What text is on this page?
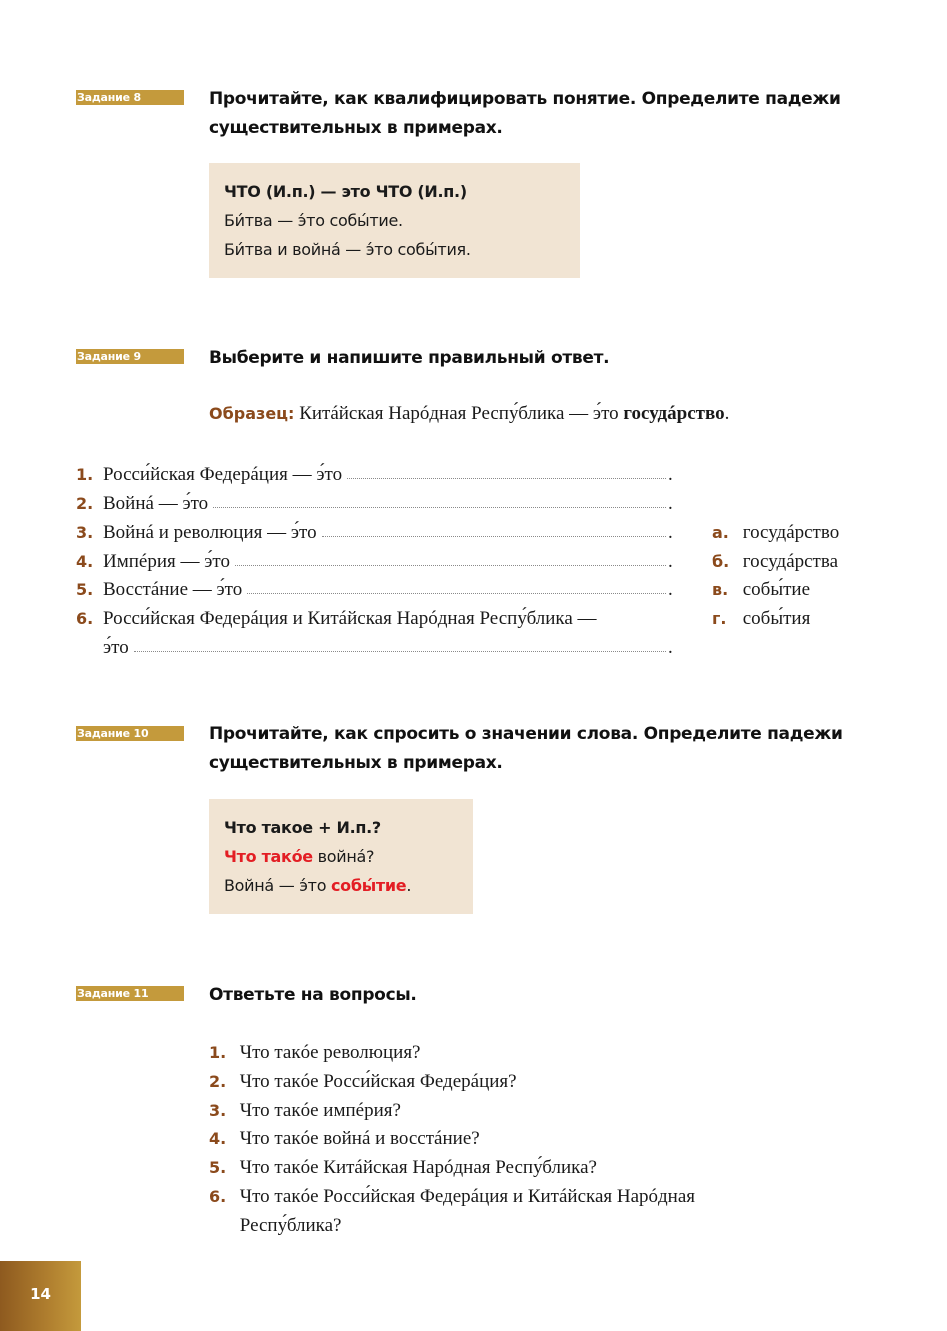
Задание 8	Прочитайте, как квалифицировать понятие. Определите падежи
существительных в примерах.
ЧТО (И.п.) — это ЧТО (И.п.)
Би́тва — э́то собы́тие.
Би́тва и войнá — э́то собы́тия.
Задание 9	Выберите и напишите правильный ответ.
Образец: Китáйская Нарóдная Респу́блика — э́то госудáрство.
1. Росси́йская Федерáция — э́то	.
2. Войнá — э́то	.
3. Войнá и революция — э́то	.
4. Импéрия — э́то	.
5. Восстáние — э́то	.
6. Росси́йская Федерáция и Китáйская Нарóдная Респу́блика —
э́то	.
а. госудáрство
б. госудáрства
в. собы́тие
г. собы́тия
Задание 10	Прочитайте, как спросить о значении слова. Определите падежи
существительных в примерах.
Что такое + И.п.?
Что такóе войнá?
Войнá — э́то собы́тие.
Задание 11	Ответьте на вопросы.
1. Что такóе революция?
2. Что такóе Росси́йская Федерáция?
3. Что такóе импéрия?
4. Что такóе войнá и восстáние?
5. Что такóе Китáйская Нарóдная Респу́блика?
6. Что такóе Росси́йская Федерáция и Китáйская Нарóдная
Респу́блика?
14
